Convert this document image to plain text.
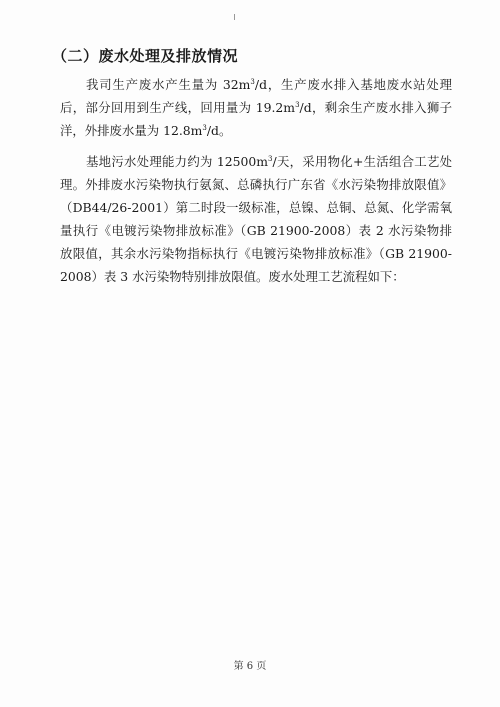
（二）废水处理及排放情况

我司生产废水产生量为 $32m^3/d$，生产废水排入基地废水站处理后，部分回用到生产线，回用量为 $19.2m^3/d$，剩余生产废水排入狮子洋，外排废水量为 $12.8m^3/d$。

基地污水处理能力约为 $12500m^3/$天，采用物化+生活组合工艺处理。外排废水污染物执行氨氮、总磷执行广东省《水污染物排放限值》（DB44/26-2001）第二时段一级标准，总镍、总铜、总氮、化学需氧量执行《电镀污染物排放标准》（GB 21900-2008）表 2 水污染物排放限值，其余水污染物指标执行《电镀污染物排放标准》（GB 21900-2008）表 3 水污染物特别排放限值。废水处理工艺流程如下：

第 6 页
